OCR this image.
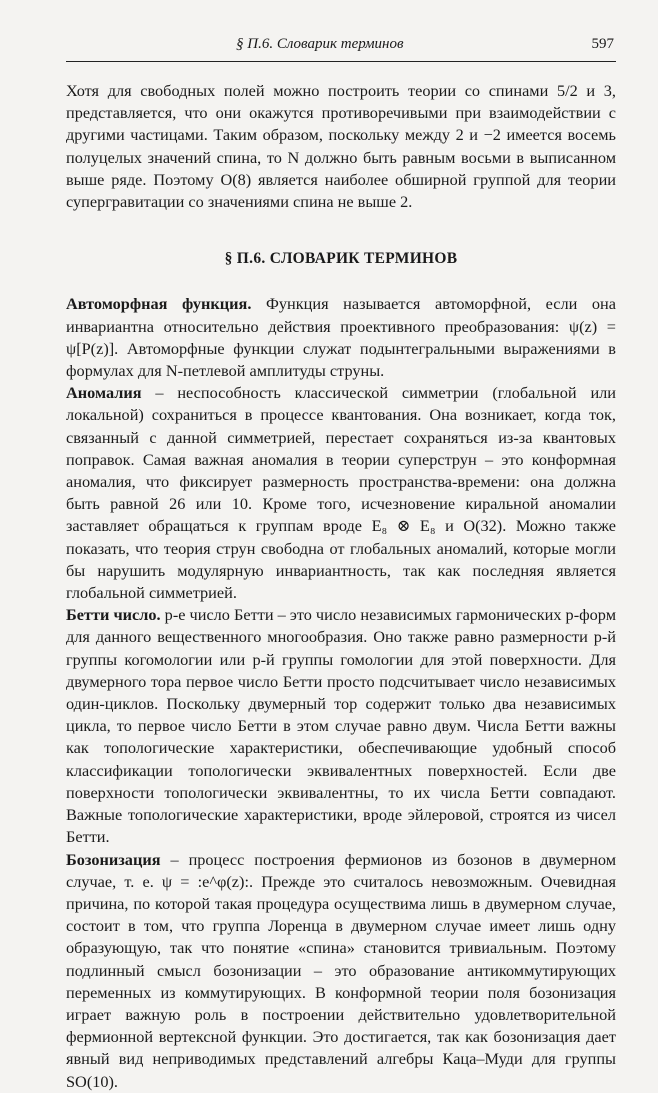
§ П.6. Словарик терминов	597

Хотя для свободных полей можно построить теории со спинами 5/2 и 3, представляется, что они окажутся противоречивыми при взаимодействии с другими частицами. Таким образом, поскольку между 2 и −2 имеется восемь полуцелых значений спина, то N должно быть равным восьми в выписанном выше ряде. Поэтому O(8) является наиболее обширной группой для теории супергравитации со значениями спина не выше 2.

§ П.6. СЛОВАРИК ТЕРМИНОВ

Автоморфная функция. Функция называется автоморфной, если она инвариантна относительно действия проективного преобразования: ψ(z) = ψ[P(z)]. Автоморфные функции служат подынтегральными выражениями в формулах для N-петлевой амплитуды струны.

Аномалия – неспособность классической симметрии (глобальной или локальной) сохраниться в процессе квантования. Она возникает, когда ток, связанный с данной симметрией, перестает сохраняться из-за квантовых поправок. Самая важная аномалия в теории суперструн – это конформная аномалия, что фиксирует размерность пространства-времени: она должна быть равной 26 или 10. Кроме того, исчезновение киральной аномалии заставляет обращаться к группам вроде E₈ ⊗ E₈ и O(32). Можно также показать, что теория струн свободна от глобальных аномалий, которые могли бы нарушить модулярную инвариантность, так как последняя является глобальной симметрией.

Бетти число. p-е число Бетти – это число независимых гармонических p-форм для данного вещественного многообразия. Оно также равно размерности p-й группы когомологии или p-й группы гомологии для этой поверхности. Для двумерного тора первое число Бетти просто подсчитывает число независимых один-циклов. Поскольку двумерный тор содержит только два независимых цикла, то первое число Бетти в этом случае равно двум. Числа Бетти важны как топологические характеристики, обеспечивающие удобный способ классификации топологически эквивалентных поверхностей. Если две поверхности топологически эквивалентны, то их числа Бетти совпадают. Важные топологические характеристики, вроде эйлеровой, строятся из чисел Бетти.

Бозонизация – процесс построения фермионов из бозонов в двумерном случае, т. е. ψ = :e^φ(z):. Прежде это считалось невозможным. Очевидная причина, по которой такая процедура осуществима лишь в двумерном случае, состоит в том, что группа Лоренца в двумерном случае имеет лишь одну образующую, так что понятие «спина» становится тривиальным. Поэтому подлинный смысл бозонизации – это образование антикоммутирующих переменных из коммутирующих. В конформной теории поля бозонизация играет важную роль в построении действительно удовлетворительной фермионной вертексной функции. Это достигается, так как бозонизация дает явный вид неприводимых представлений алгебры Каца–Муди для группы SO(10).
